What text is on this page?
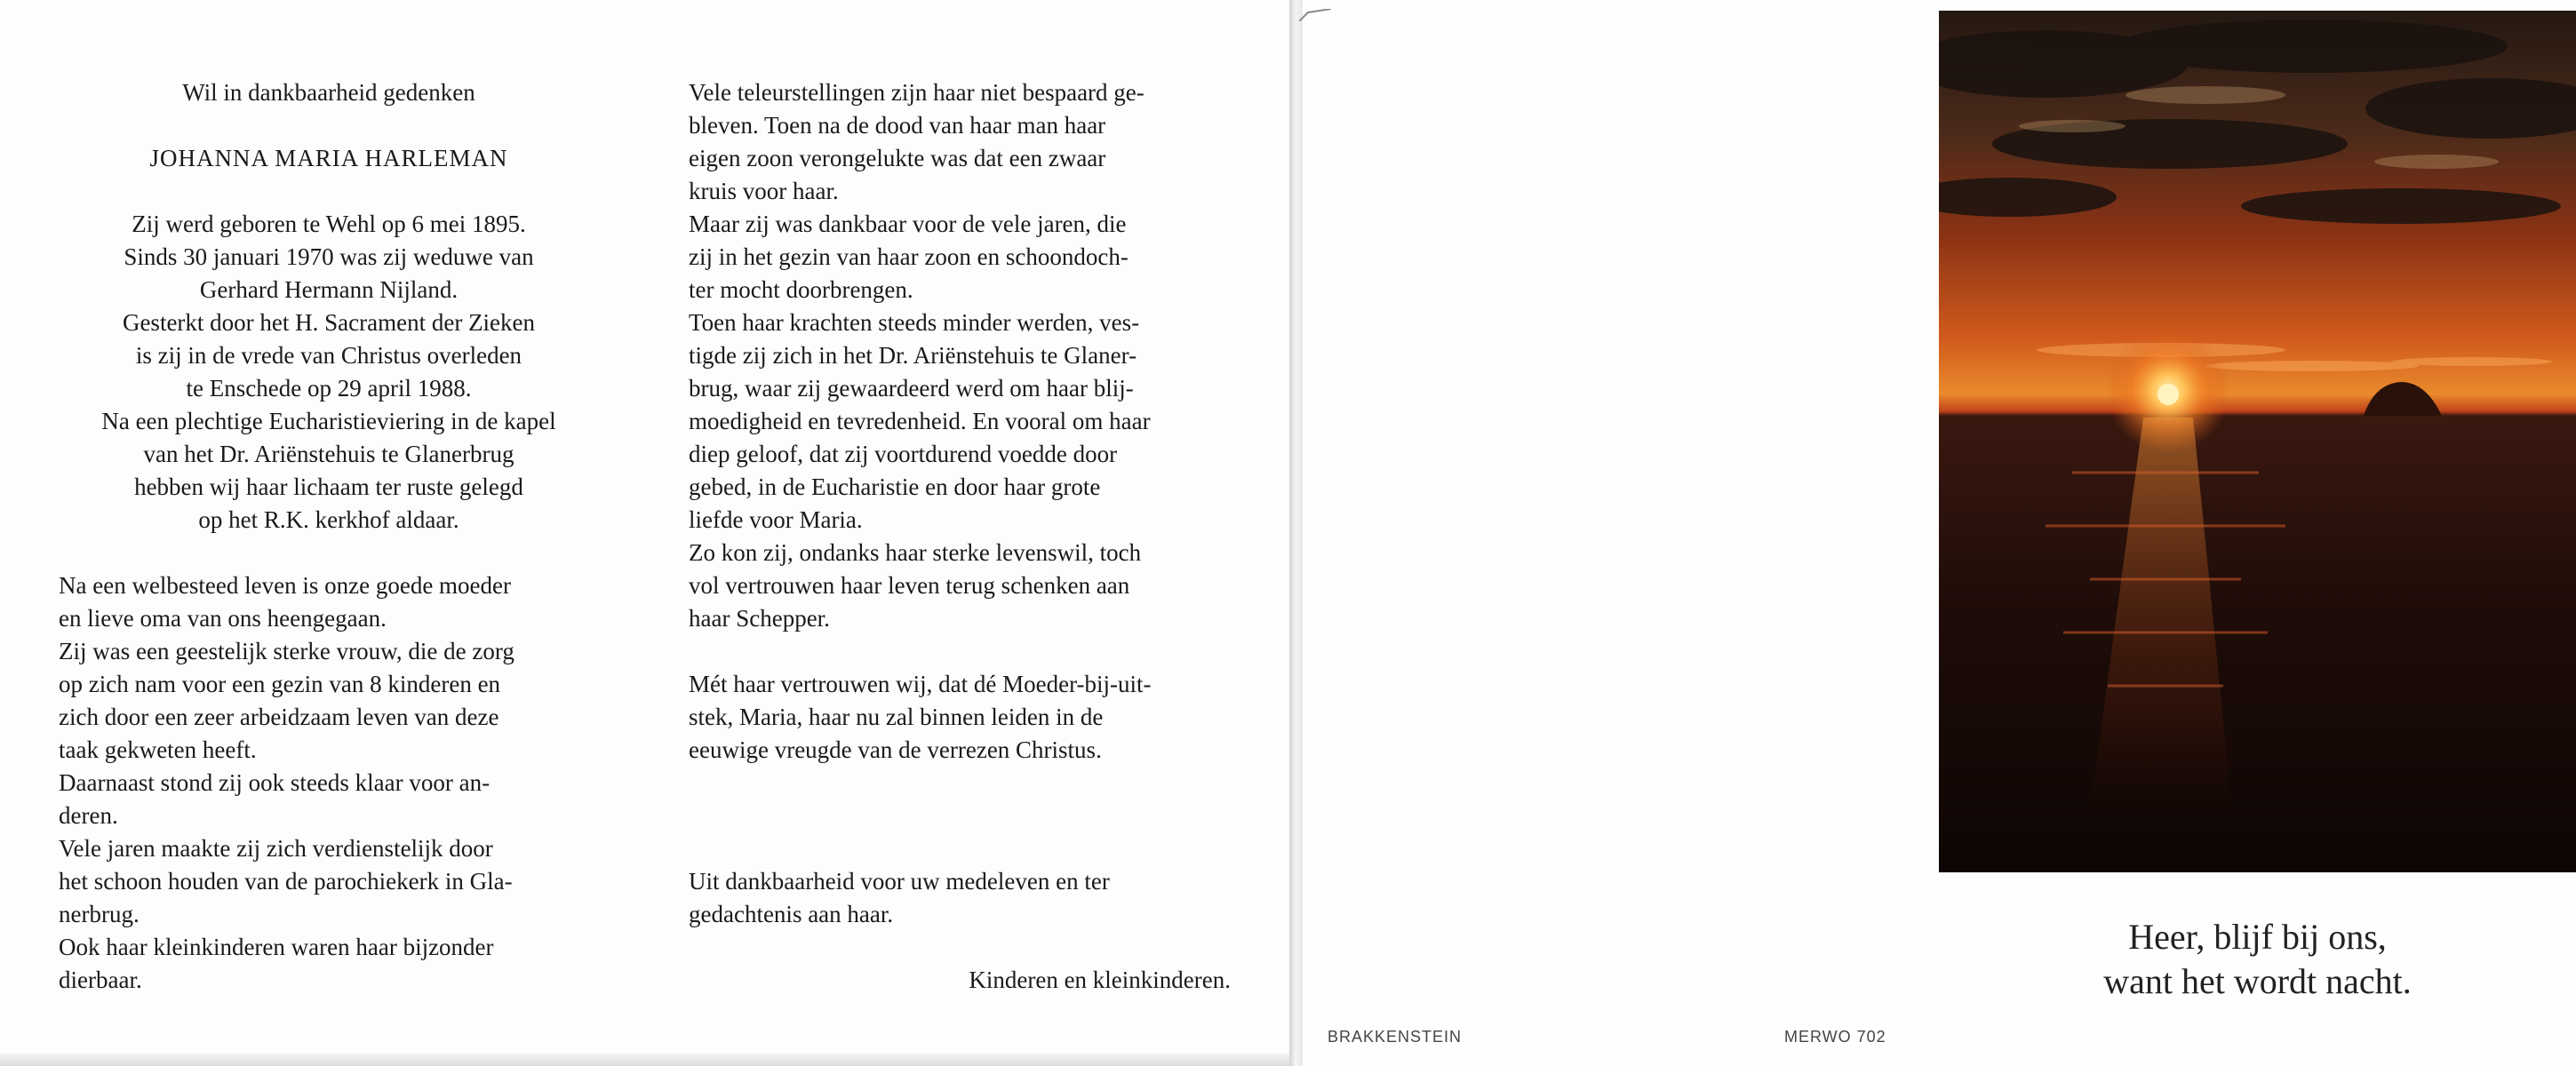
Wil in dankbaarheid gedenken

JOHANNA MARIA HARLEMAN

Zij werd geboren te Wehl op 6 mei 1895.

Sinds 30 januari 1970 was zij weduwe van

Gerhard Hermann Nijland.

Gesterkt door het H. Sacrament der Zieken

is zij in de vrede van Christus overleden

te Enschede op 29 april 1988.

Na een plechtige Eucharistieviering in de kapel

van het Dr. Ariënstehuis te Glanerbrug

hebben wij haar lichaam ter ruste gelegd

op het R.K. kerkhof aldaar.

Na een welbesteed leven is onze goede moeder

en lieve oma van ons heengegaan.

Zij was een geestelijk sterke vrouw, die de zorg

op zich nam voor een gezin van 8 kinderen en

zich door een zeer arbeidzaam leven van deze

taak gekweten heeft.

Daarnaast stond zij ook steeds klaar voor an-

deren.

Vele jaren maakte zij zich verdienstelijk door

het schoon houden van de parochiekerk in Gla-

nerbrug.

Ook haar kleinkinderen waren haar bijzonder

dierbaar.

Vele teleurstellingen zijn haar niet bespaard ge-

bleven. Toen na de dood van haar man haar

eigen zoon verongelukte was dat een zwaar

kruis voor haar.

Maar zij was dankbaar voor de vele jaren, die

zij in het gezin van haar zoon en schoondoch-

ter mocht doorbrengen.

Toen haar krachten steeds minder werden, ves-

tigde zij zich in het Dr. Ariënstehuis te Glaner-

brug, waar zij gewaardeerd werd om haar blij-

moedigheid en tevredenheid. En vooral om haar

diep geloof, dat zij voortdurend voedde door

gebed, in de Eucharistie en door haar grote

liefde voor Maria.

Zo kon zij, ondanks haar sterke levenswil, toch

vol vertrouwen haar leven terug schenken aan

haar Schepper.

Mét haar vertrouwen wij, dat dé Moeder-bij-uit-

stek, Maria, haar nu zal binnen leiden in de

eeuwige vreugde van de verrezen Christus.

Uit dankbaarheid voor uw medeleven en ter

gedachtenis aan haar.

Kinderen en kleinkinderen.

BRAKKENSTEIN	MERWO 702
Heer, blijf bij ons,
want het wordt nacht.
